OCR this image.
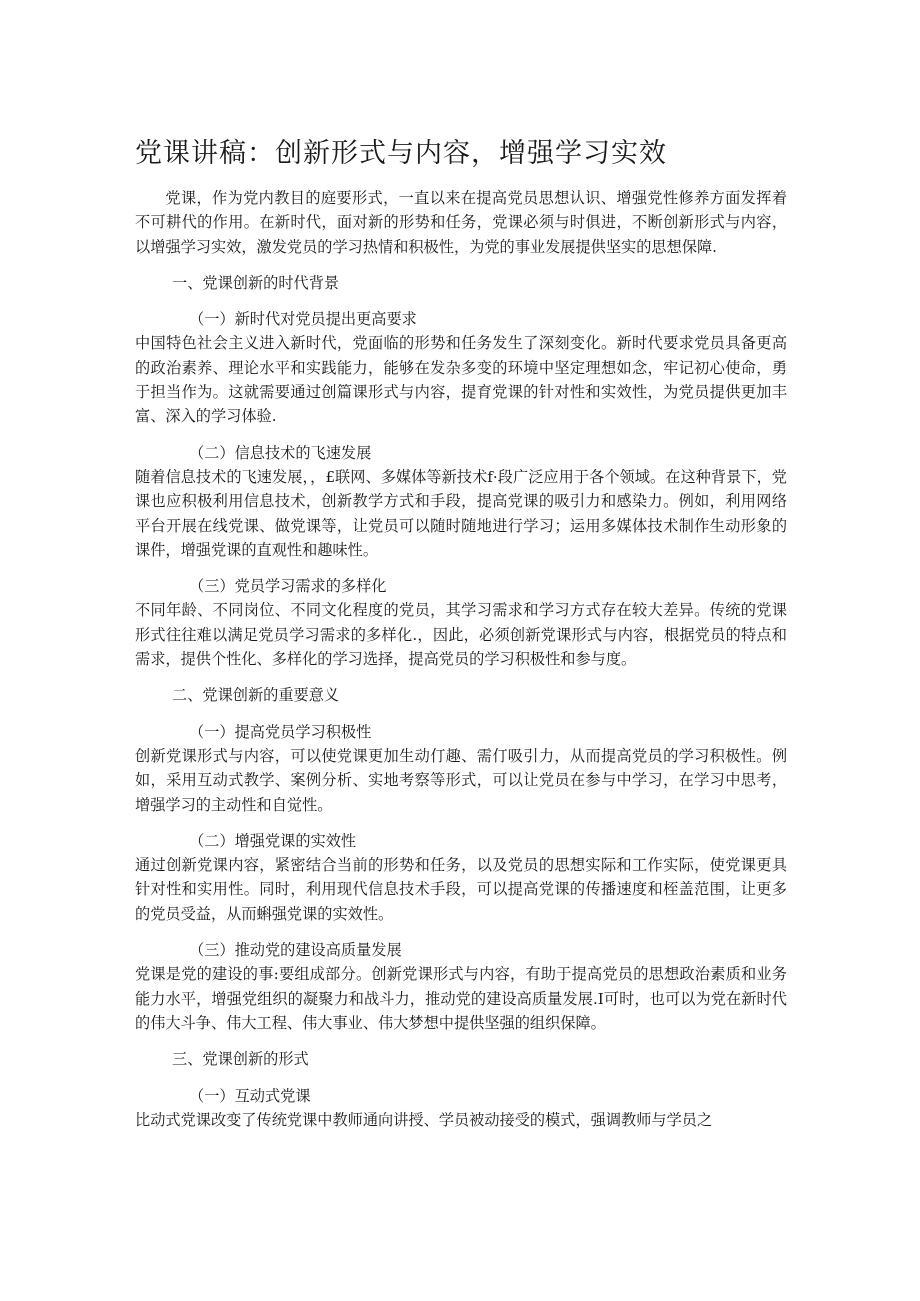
党课讲稿：创新形式与内容，增强学习实效

党课，作为党内教目的庭要形式，一直以来在提高党员思想认识、增强党性修养方面发挥着不可耕代的作用。在新时代，面对新的形势和任务，党课必须与时俱进，不断创新形式与内容，以增强学习实效，激发党员的学习热情和积极性，为党的事业发展提供坚实的思想保障.

一、党课创新的时代背景

（一）新时代对党员提出更高要求

中国特色社会主义进入新时代，党面临的形势和任务发生了深刻变化。新时代要求党员具备更高的政治素养、理论水平和实践能力，能够在发杂多变的环境中坚定理想如念，牢记初心使命，勇于担当作为。这就需要通过创篇课形式与内容，提育党课的针对性和实效性，为党员提供更加丰富、深入的学习体验.

（二）信息技术的飞速发展

随着信息技术的飞速发展，，£联网、多媒体等新技术f·段广泛应用于各个领域。在这种背景下，党课也应积极利用信息技术，创新教学方式和手段，提高党课的吸引力和感染力。例如，利用网络平台开展在线党课、做党课等，让党员可以随时随地进行学习；运用多媒体技术制作生动形象的课件，增强党课的直观性和趣味性。

（三）党员学习需求的多样化

不同年龄、不同岗位、不同文化程度的党员，其学习需求和学习方式存在较大差异。传统的党课形式往往难以满足党员学习需求的多样化.，因此，必须创新党课形式与内容，根据党员的特点和需求，提供个性化、多样化的学习选择，提高党员的学习积极性和参与度。

二、党课创新的重要意义

（一）提高党员学习积极性

创新党课形式与内容，可以使党课更加生动仃趣、需仃吸引力，从而提高党员的学习积极性。例如，采用互动式教学、案例分析、实地考察等形式，可以让党员在参与中学习，在学习中思考，增强学习的主动性和自觉性。

（二）增强党课的实效性

通过创新党课内容，紧密结合当前的形势和任务，以及党员的思想实际和工作实际，使党课更具针对性和实用性。同时，利用现代信息技术手段，可以提高党课的传播速度和桎盖范围，让更多的党员受益，从而蝌强党课的实效性。

（三）推动党的建设高质量发展

党课是党的建设的事:要组成部分。创新党课形式与内容，有助于提高党员的思想政治素质和业务能力水平，增强党组织的凝聚力和战斗力，推动党的建设高质量发展.Ι可时，也可以为党在新时代的伟大斗争、伟大工程、伟大事业、伟大梦想中提供坚强的组织保障。

三、党课创新的形式

（一）互动式党课

比动式党课改变了传统党课中教师通向讲授、学员被动接受的模式，强调教师与学员之
